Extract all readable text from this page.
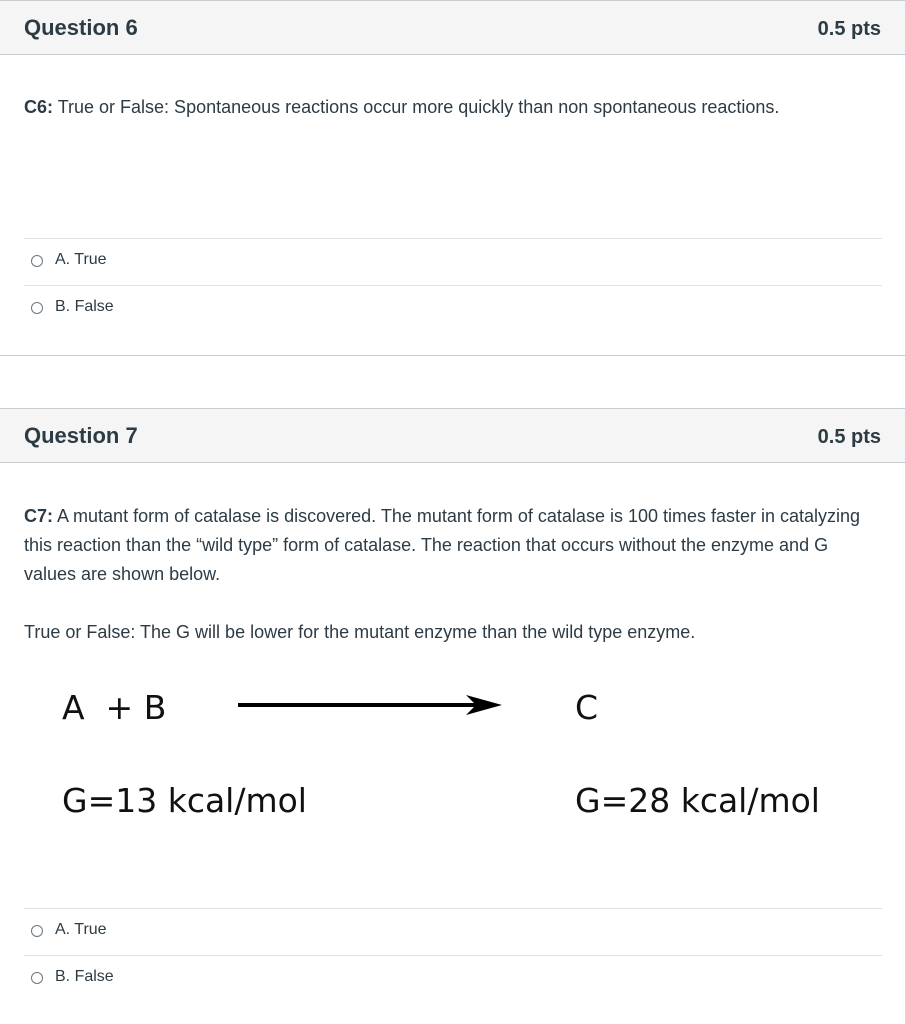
Question 6	0.5 pts
C6: True or False: Spontaneous reactions occur more quickly than non spontaneous reactions.
A. True
B. False
Question 7	0.5 pts
C7: A mutant form of catalase is discovered. The mutant form of catalase is 100 times faster in catalyzing this reaction than the “wild type” form of catalase. The reaction that occurs without the enzyme and G values are shown below.
True or False: The G will be lower for the mutant enzyme than the wild type enzyme.
A  + B	C
G=13 kcal/mol	G=28 kcal/mol
A. True
B. False
